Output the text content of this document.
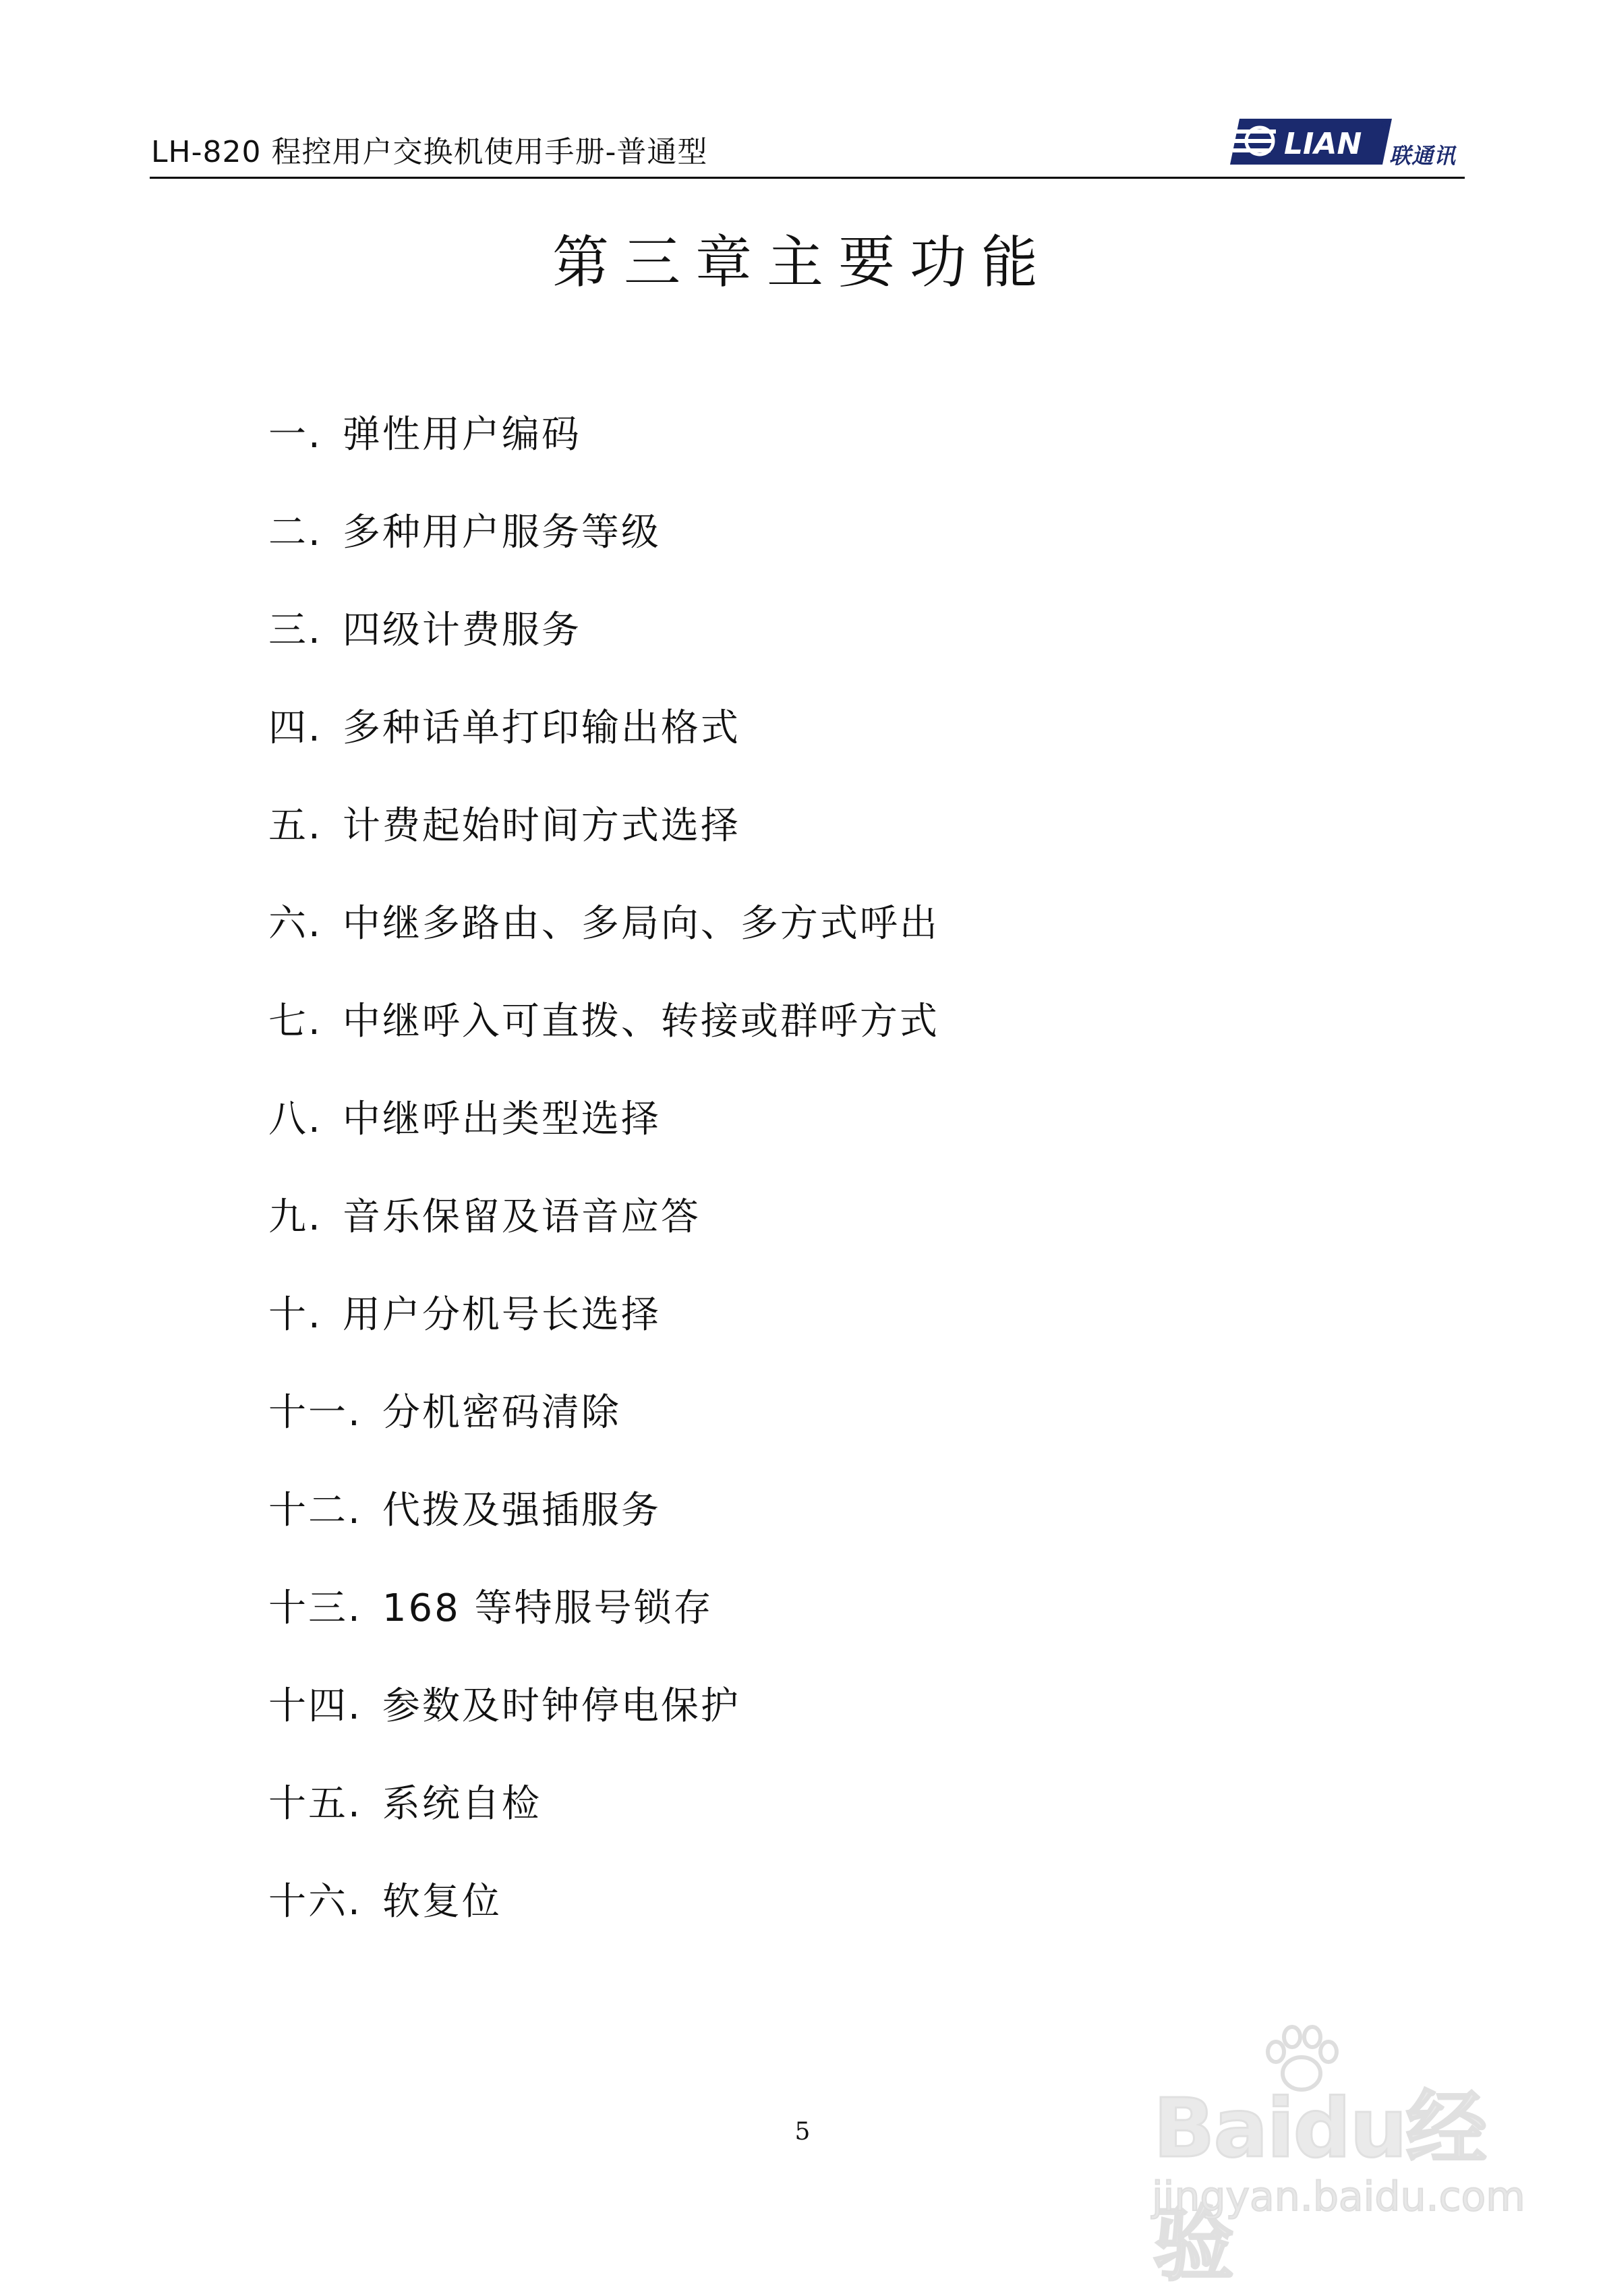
LH-820 程控用户交换机使用手册-普通型	LIAN
®
联通讯
第三章主要功能
一. 弹性用户编码
二. 多种用户服务等级
三. 四级计费服务
四. 多种话单打印输出格式
五. 计费起始时间方式选择
六. 中继多路由、多局向、多方式呼出
七. 中继呼入可直拨、转接或群呼方式
八. 中继呼出类型选择
九. 音乐保留及语音应答
十. 用户分机号长选择
十一. 分机密码清除
十二. 代拨及强插服务
十三. 168 等特服号锁存
十四. 参数及时钟停电保护
十五. 系统自检
十六. 软复位
5	Baidu经验
jingyan.baidu.com
